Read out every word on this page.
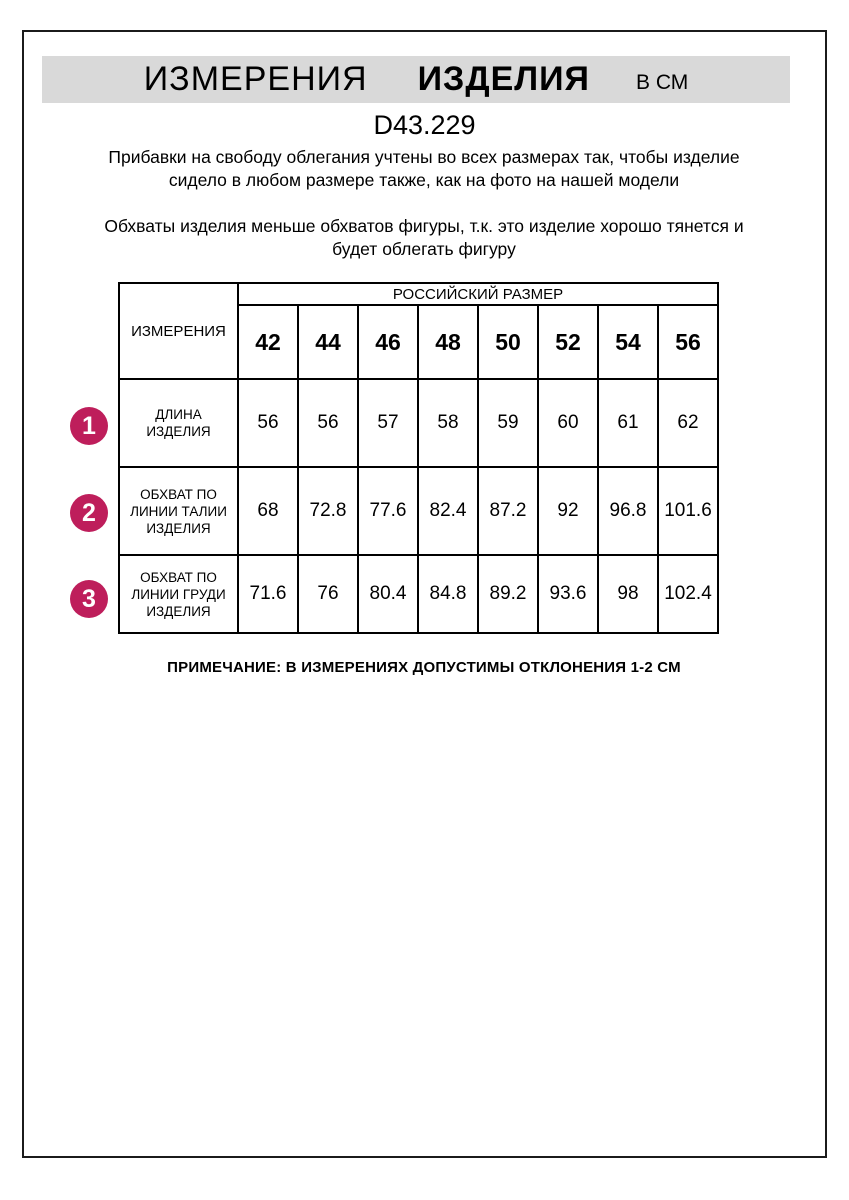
ИЗМЕРЕНИЯ ИЗДЕЛИЯ В СМ
D43.229

Прибавки на свободу облегания учтены во всех размерах так, чтобы изделие сидело в любом размере также, как на фото на нашей модели

Обхваты изделия меньше обхватов фигуры, т.к. это изделие хорошо тянется и будет облегать фигуру

ИЗМЕРЕНИЯ	РОССИЙСКИЙ РАЗМЕР							
	42	44	46	48	50	52	54	56
ДЛИНА ИЗДЕЛИЯ	56	56	57	58	59	60	61	62
ОБХВАТ ПО ЛИНИИ ТАЛИИ ИЗДЕЛИЯ	68	72.8	77.6	82.4	87.2	92	96.8	101.6
ОБХВАТ ПО ЛИНИИ ГРУДИ ИЗДЕЛИЯ	71.6	76	80.4	84.8	89.2	93.6	98	102.4
1
2
3
ПРИМЕЧАНИЕ: В ИЗМЕРЕНИЯХ ДОПУСТИМЫ ОТКЛОНЕНИЯ 1-2 СМ
